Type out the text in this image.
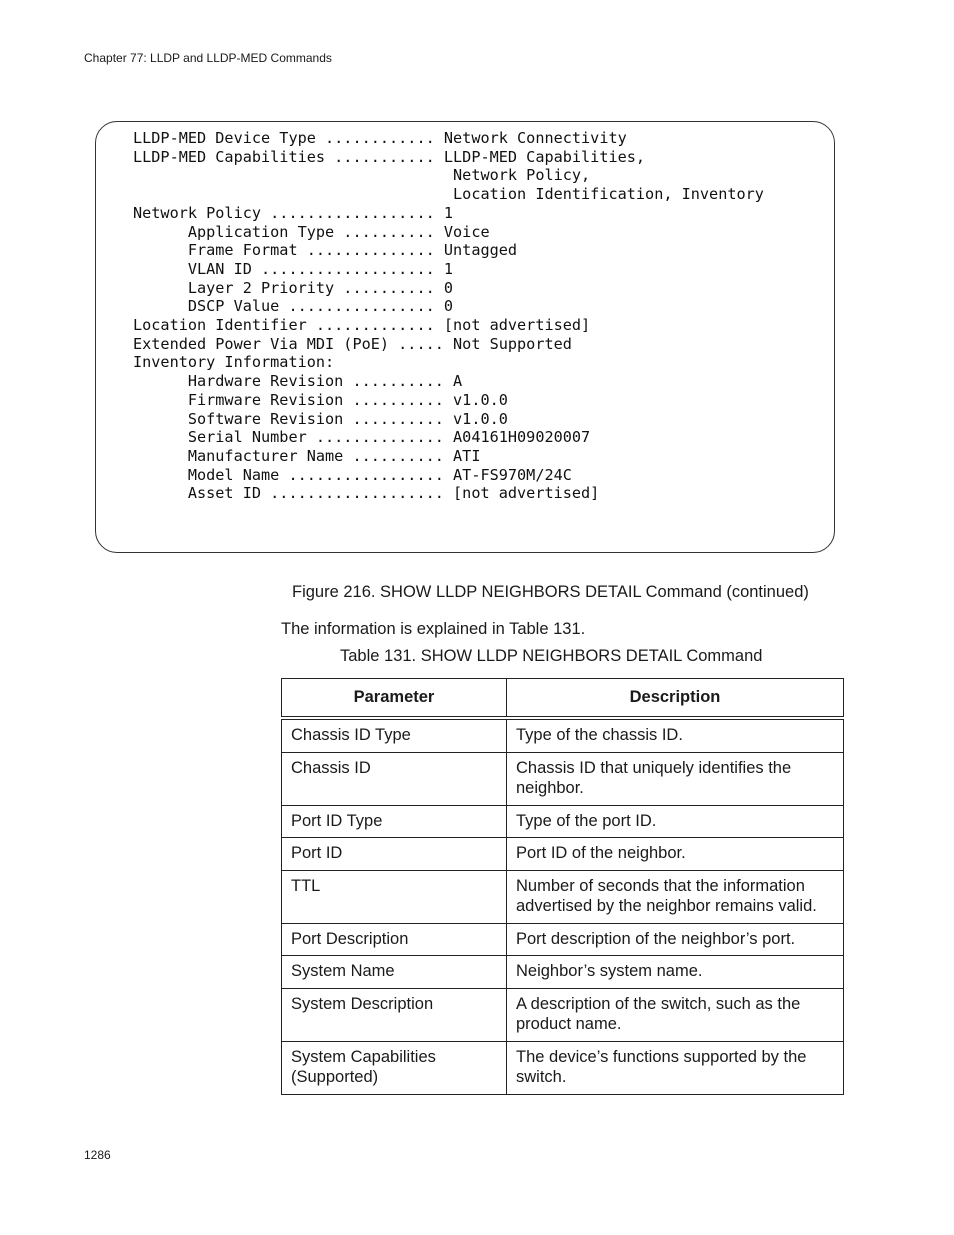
Chapter 77: LLDP and LLDP-MED Commands
LLDP-MED Device Type ............ Network Connectivity
LLDP-MED Capabilities ........... LLDP-MED Capabilities,
Network Policy,
Location Identification, Inventory
Network Policy .................. 1
Application Type .......... Voice
Frame Format .............. Untagged
VLAN ID ................... 1
Layer 2 Priority .......... 0
DSCP Value ................ 0
Location Identifier ............. [not advertised]
Extended Power Via MDI (PoE) ..... Not Supported
Inventory Information:
Hardware Revision .......... A
Firmware Revision .......... v1.0.0
Software Revision .......... v1.0.0
Serial Number .............. A04161H09020007
Manufacturer Name .......... ATI
Model Name ................. AT-FS970M/24C
Asset ID ................... [not advertised]
Figure 216. SHOW LLDP NEIGHBORS DETAIL Command (continued)
The information is explained in Table 131.
Table 131. SHOW LLDP NEIGHBORS DETAIL Command
Parameter	Description
Chassis ID Type	Type of the chassis ID.
Chassis ID	Chassis ID that uniquely identifies the neighbor.
Port ID Type	Type of the port ID.
Port ID	Port ID of the neighbor.
TTL	Number of seconds that the information advertised by the neighbor remains valid.
Port Description	Port description of the neighbor’s port.
System Name	Neighbor’s system name.
System Description	A description of the switch, such as the product name.
System Capabilities (Supported)	The device’s functions supported by the switch.
1286
